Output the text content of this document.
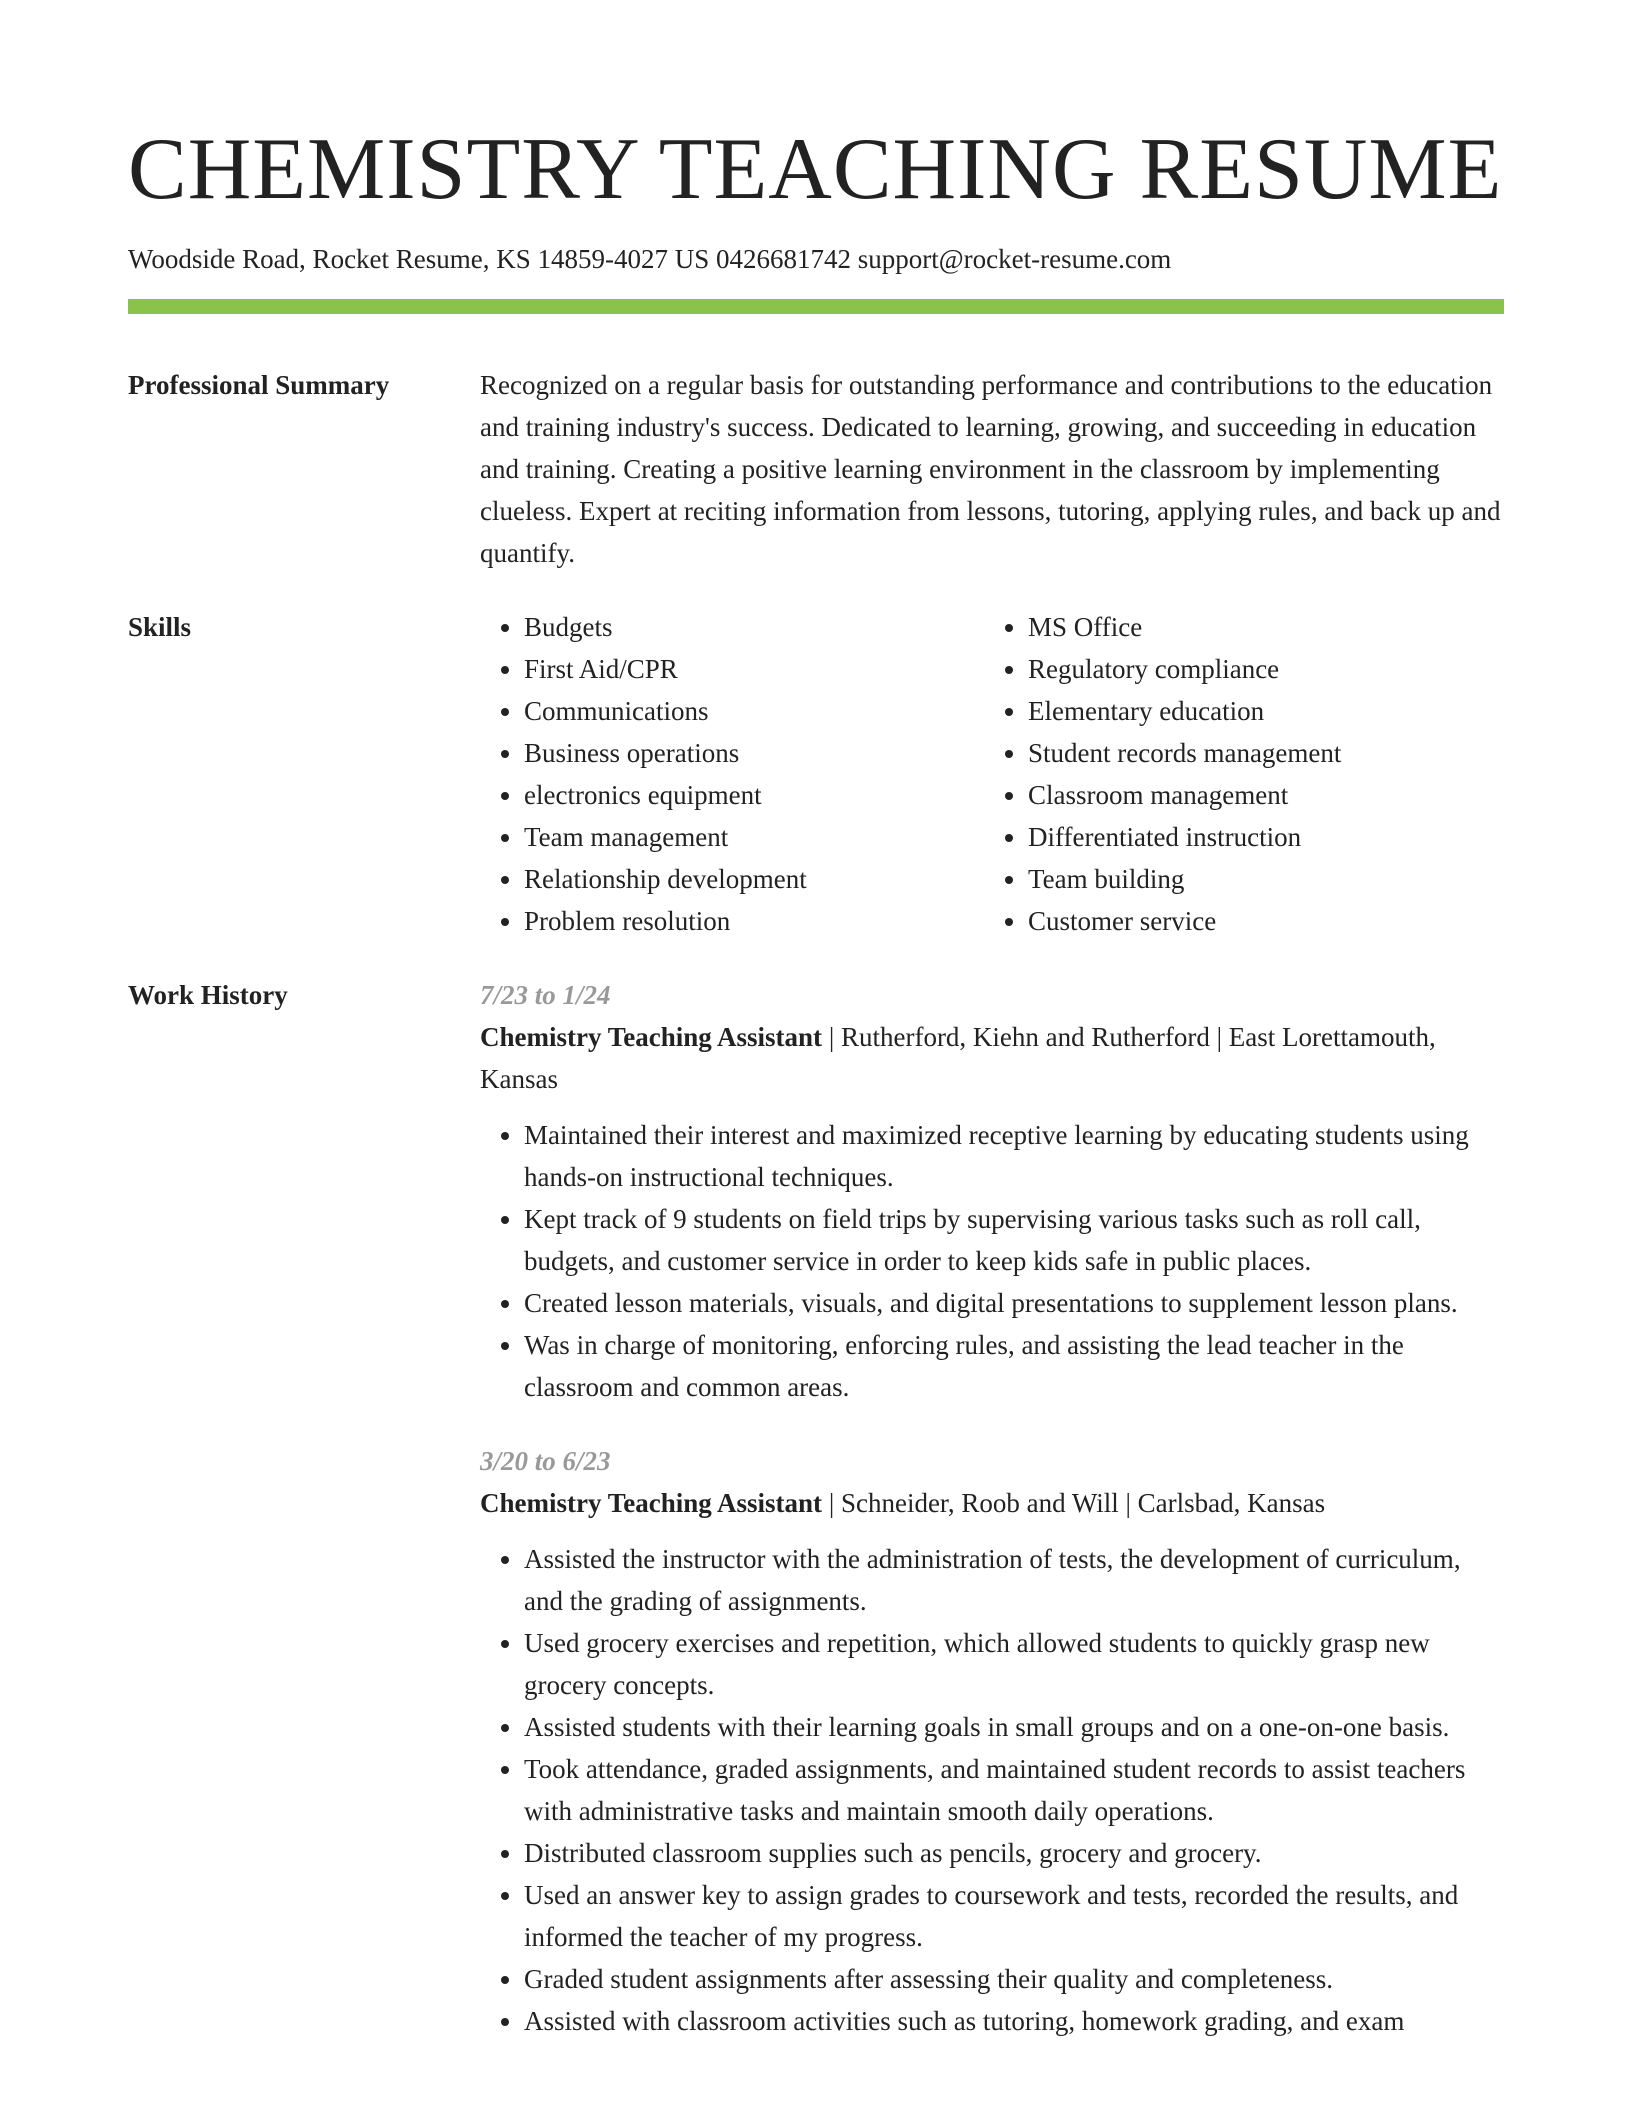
CHEMISTRY TEACHING RESUME
Woodside Road, Rocket Resume, KS 14859-4027 US 0426681742 support@rocket-resume.com
Professional Summary	Recognized on a regular basis for outstanding performance and contributions to the education and training industry's success. Dedicated to learning, growing, and succeeding in education and training. Creating a positive learning environment in the classroom by implementing clueless. Expert at reciting information from lessons, tutoring, applying rules, and back up and quantify.

Skills
•	Budgets
• First Aid/CPR
• Communications
• Business operations
• electronics equipment
• Team management
• Relationship development
• Problem resolution
• MS Office
• Regulatory compliance
• Elementary education
• Student records management
• Classroom management
• Differentiated instruction
• Team building
• Customer service
Work History	7/23 to 1/24
Chemistry Teaching Assistant | Rutherford, Kiehn and Rutherford | East Lorettamouth, Kansas
• Maintained their interest and maximized receptive learning by educating students using hands-on instructional techniques.
• Kept track of 9 students on field trips by supervising various tasks such as roll call, budgets, and customer service in order to keep kids safe in public places.
• Created lesson materials, visuals, and digital presentations to supplement lesson plans.
• Was in charge of monitoring, enforcing rules, and assisting the lead teacher in the classroom and common areas.
3/20 to 6/23
Chemistry Teaching Assistant | Schneider, Roob and Will | Carlsbad, Kansas
• Assisted the instructor with the administration of tests, the development of curriculum, and the grading of assignments.
• Used grocery exercises and repetition, which allowed students to quickly grasp new grocery concepts.
• Assisted students with their learning goals in small groups and on a one-on-one basis.
• Took attendance, graded assignments, and maintained student records to assist teachers with administrative tasks and maintain smooth daily operations.
• Distributed classroom supplies such as pencils, grocery and grocery.
• Used an answer key to assign grades to coursework and tests, recorded the results, and informed the teacher of my progress.
• Graded student assignments after assessing their quality and completeness.
• Assisted with classroom activities such as tutoring, homework grading, and exam
